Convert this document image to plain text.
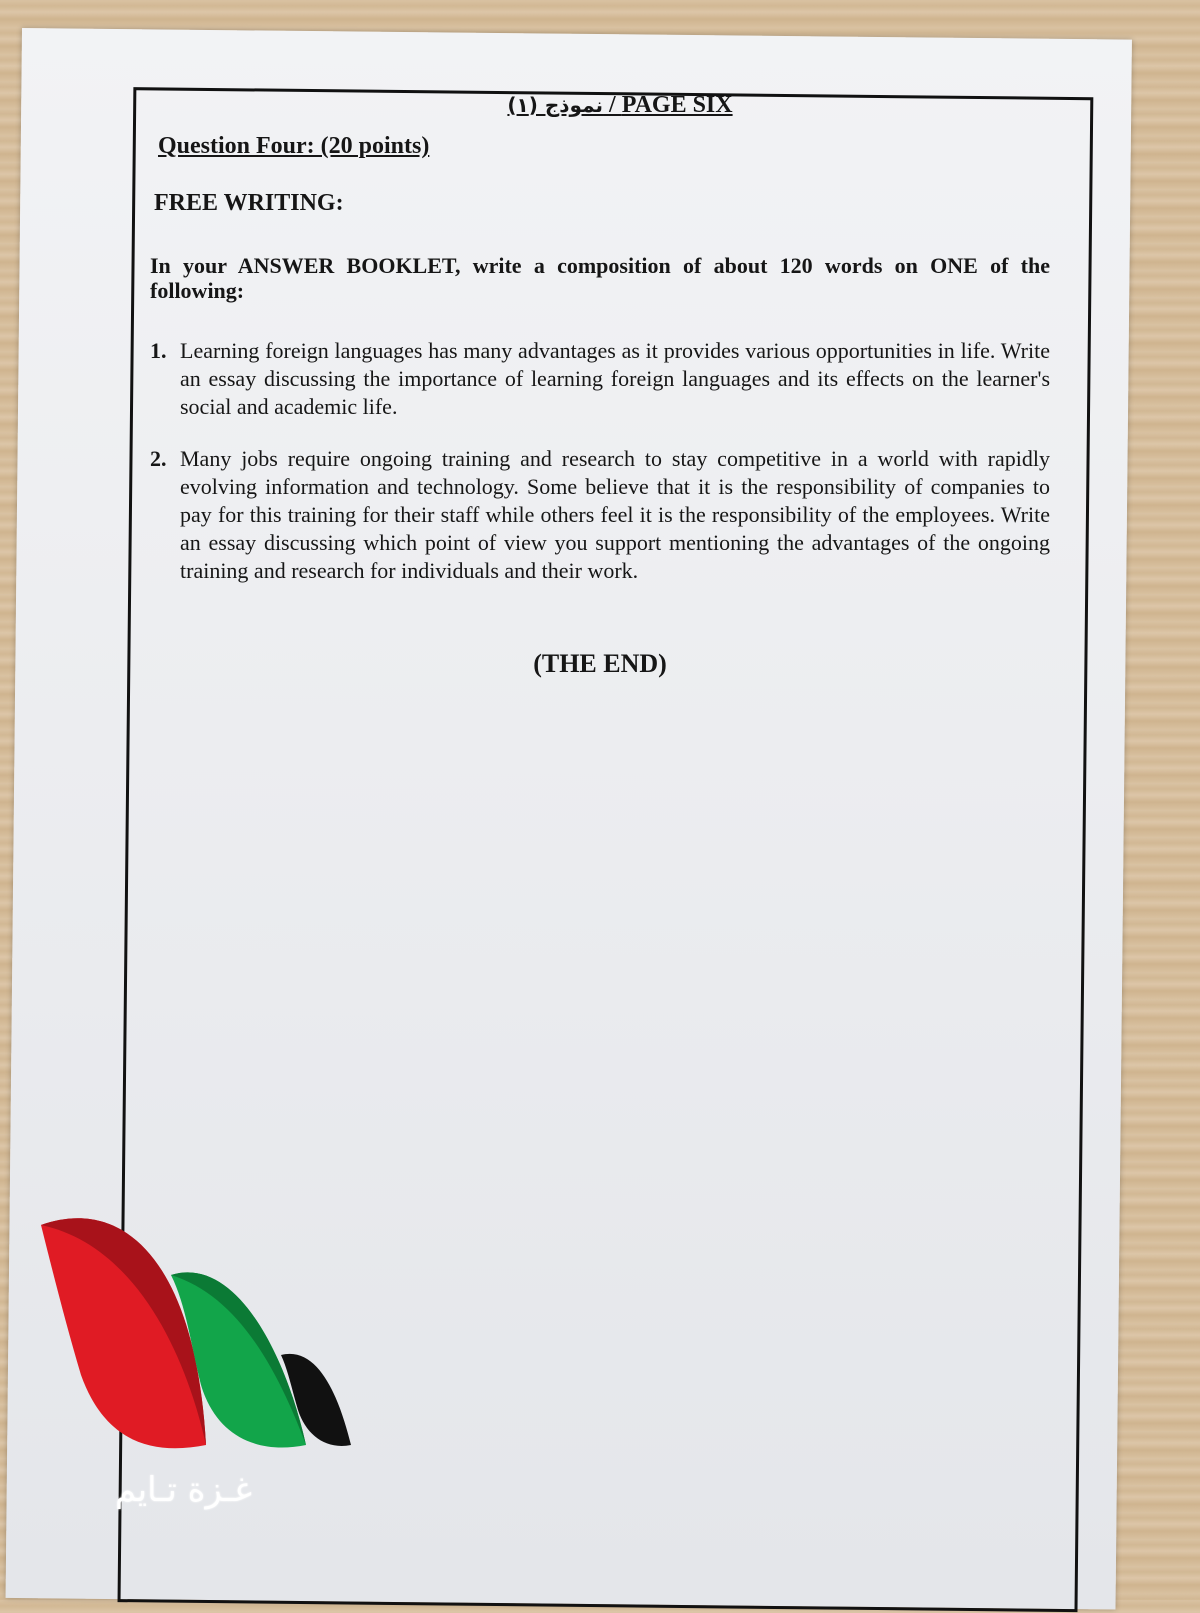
نموذج (١) / PAGE SIX
Question Four: (20 points)
FREE WRITING:
In your ANSWER BOOKLET, write a composition of about 120 words on ONE of the following:
1. Learning foreign languages has many advantages as it provides various opportunities in life. Write an essay discussing the importance of learning foreign languages and its effects on the learner's social and academic life.
2. Many jobs require ongoing training and research to stay competitive in a world with rapidly evolving information and technology. Some believe that it is the responsibility of companies to pay for this training for their staff while others feel it is the responsibility of the employees. Write an essay discussing which point of view you support mentioning the advantages of the ongoing training and research for individuals and their work.
(THE END)
غـزة تـايم
